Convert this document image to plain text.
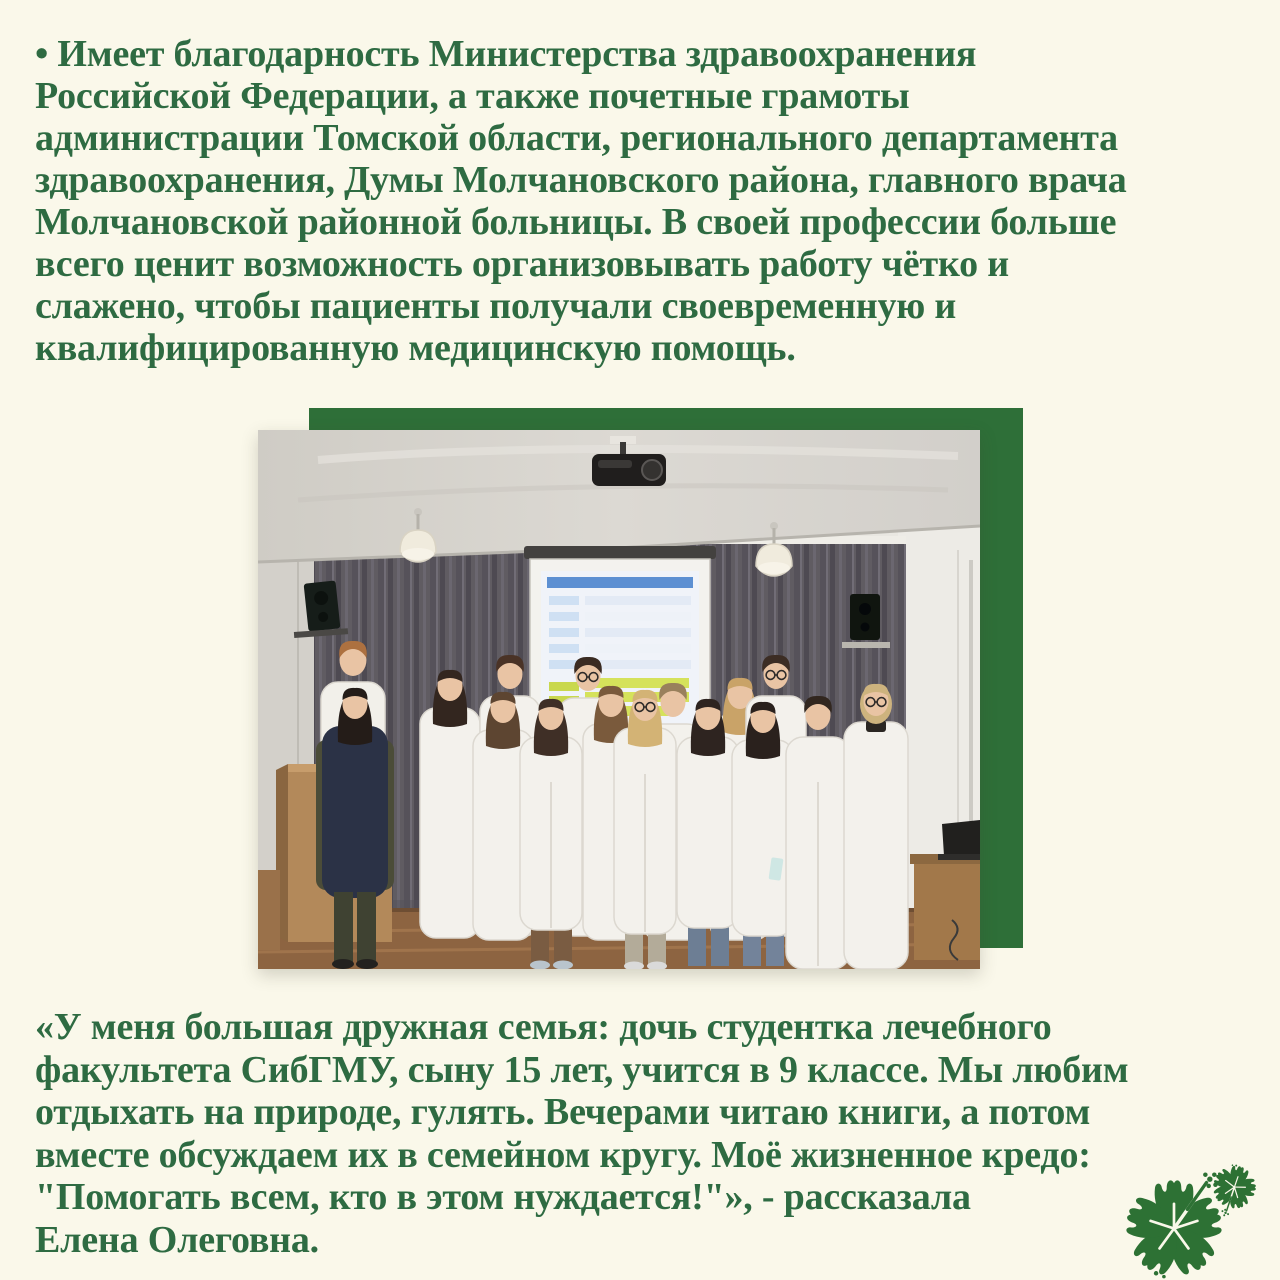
• Имеет благодарность Министерства здравоохранения
Российской Федерации, а также почетные грамоты
администрации Томской области, регионального департамента
здравоохранения, Думы Молчановского района, главного врача
Молчановской районной больницы. В своей профессии больше
всего ценит возможность организовывать работу чётко и
слажено, чтобы пациенты получали своевременную и
квалифицированную медицинскую помощь.
«У меня большая дружная семья: дочь студентка лечебного
факультета СибГМУ, сыну 15 лет, учится в 9 классе. Мы любим
отдыхать на природе, гулять. Вечерами читаю книги, а потом
вместе обсуждаем их в семейном кругу. Моё жизненное кредо:
"Помогать всем, кто в этом нуждается!"», - рассказала
Елена Олеговна.
